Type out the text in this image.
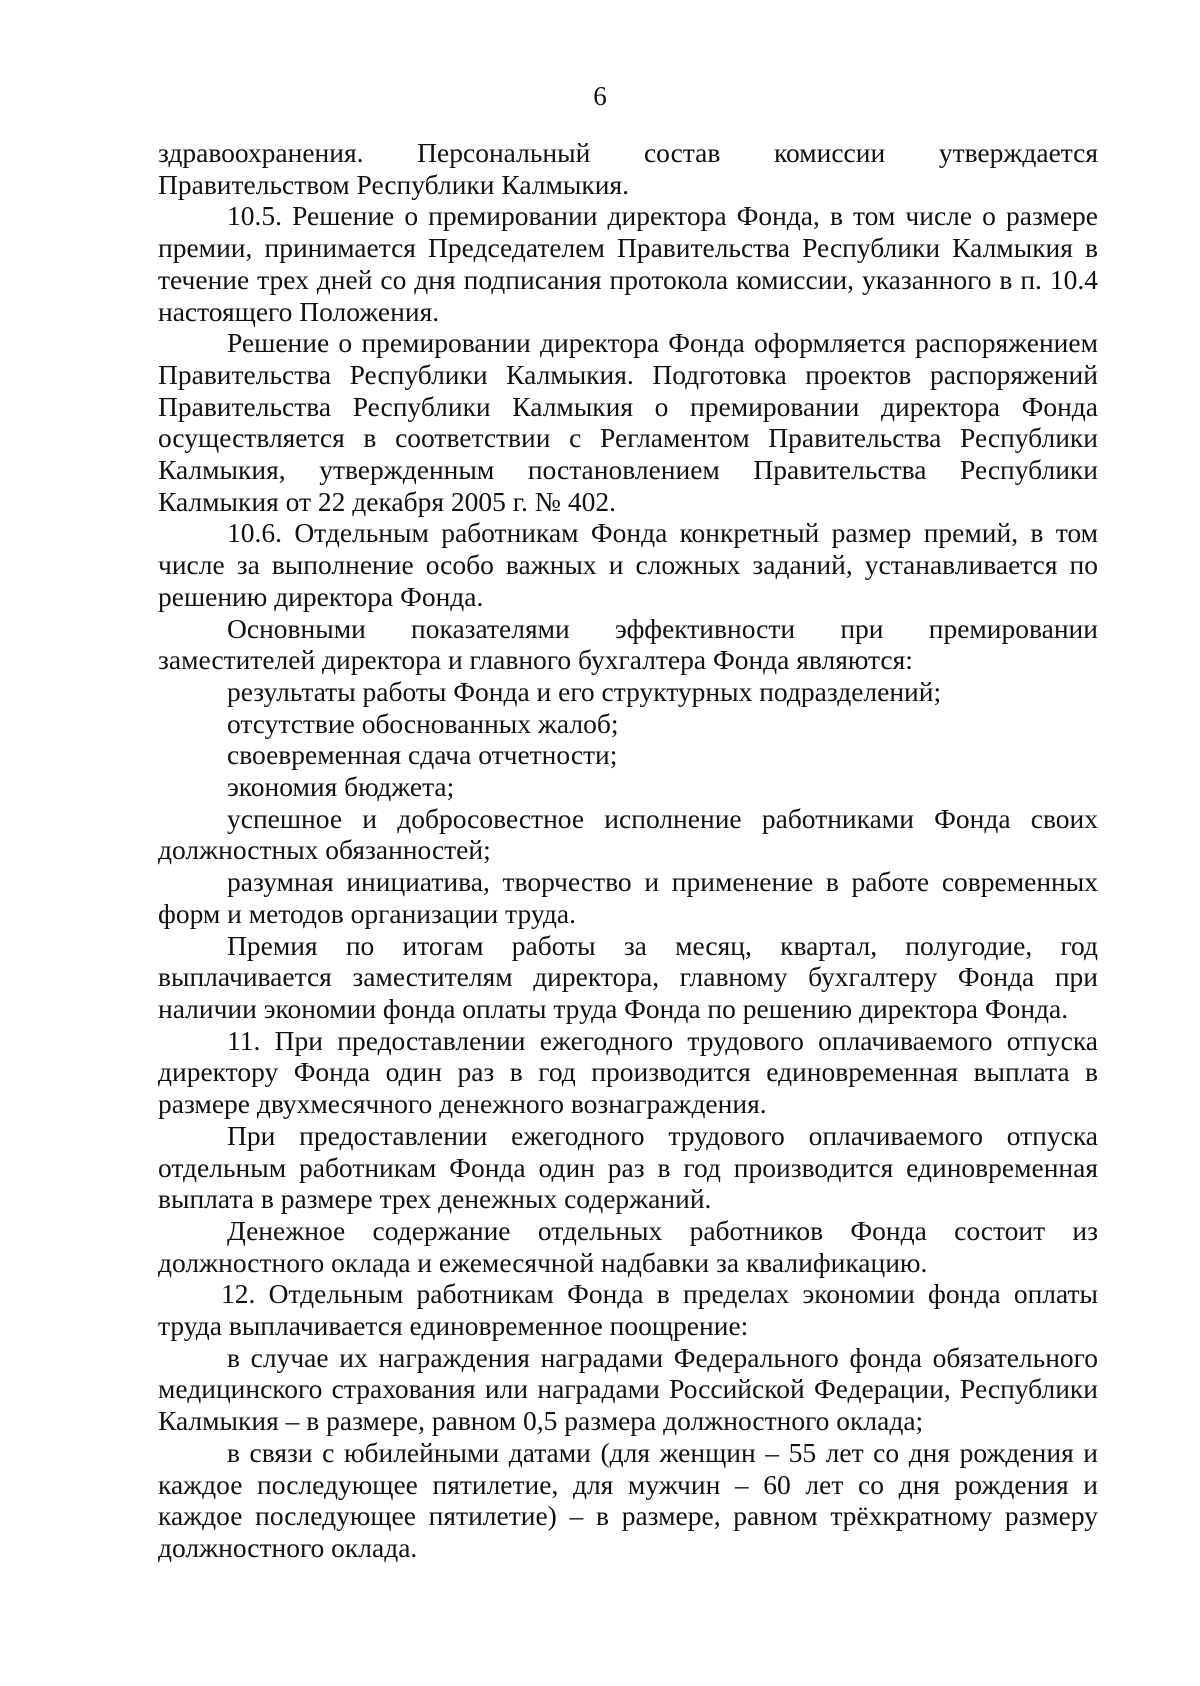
6

здравоохранения. Персональный состав комиссии утверждается Правительством Республики Калмыкия.

10.5. Решение о премировании директора Фонда, в том числе о размере премии, принимается Председателем Правительства Республики Калмыкия в течение трех дней со дня подписания протокола комиссии, указанного в п. 10.4 настоящего Положения.

Решение о премировании директора Фонда оформляется распоряжением Правительства Республики Калмыкия. Подготовка проектов распоряжений Правительства Республики Калмыкия о премировании директора Фонда осуществляется в соответствии с Регламентом Правительства Республики Калмыкия, утвержденным постановлением Правительства Республики Калмыкия от 22 декабря 2005 г. № 402.

10.6. Отдельным работникам Фонда конкретный размер премий, в том числе за выполнение особо важных и сложных заданий, устанавливается по решению директора Фонда.

Основными показателями эффективности при премировании заместителей директора и главного бухгалтера Фонда являются:

результаты работы Фонда и его структурных подразделений;

отсутствие обоснованных жалоб;

своевременная сдача отчетности;

экономия бюджета;

успешное и добросовестное исполнение работниками Фонда своих должностных обязанностей;

разумная инициатива, творчество и применение в работе современных форм и методов организации труда.

Премия по итогам работы за месяц, квартал, полугодие, год выплачивается заместителям директора, главному бухгалтеру Фонда при наличии экономии фонда оплаты труда Фонда по решению директора Фонда.

11. При предоставлении ежегодного трудового оплачиваемого отпуска директору Фонда один раз в год производится единовременная выплата в размере двухмесячного денежного вознаграждения.

При предоставлении ежегодного трудового оплачиваемого отпуска отдельным работникам Фонда один раз в год производится единовременная выплата в размере трех денежных содержаний.

Денежное содержание отдельных работников Фонда состоит из должностного оклада и ежемесячной надбавки за квалификацию.

12. Отдельным работникам Фонда в пределах экономии фонда оплаты труда выплачивается единовременное поощрение:

в случае их награждения наградами Федерального фонда обязательного медицинского страхования или наградами Российской Федерации, Республики Калмыкия – в размере, равном 0,5 размера должностного оклада;

в связи с юбилейными датами (для женщин – 55 лет со дня рождения и каждое последующее пятилетие, для мужчин – 60 лет со дня рождения и каждое последующее пятилетие) – в размере, равном трёхкратному размеру должностного оклада.
